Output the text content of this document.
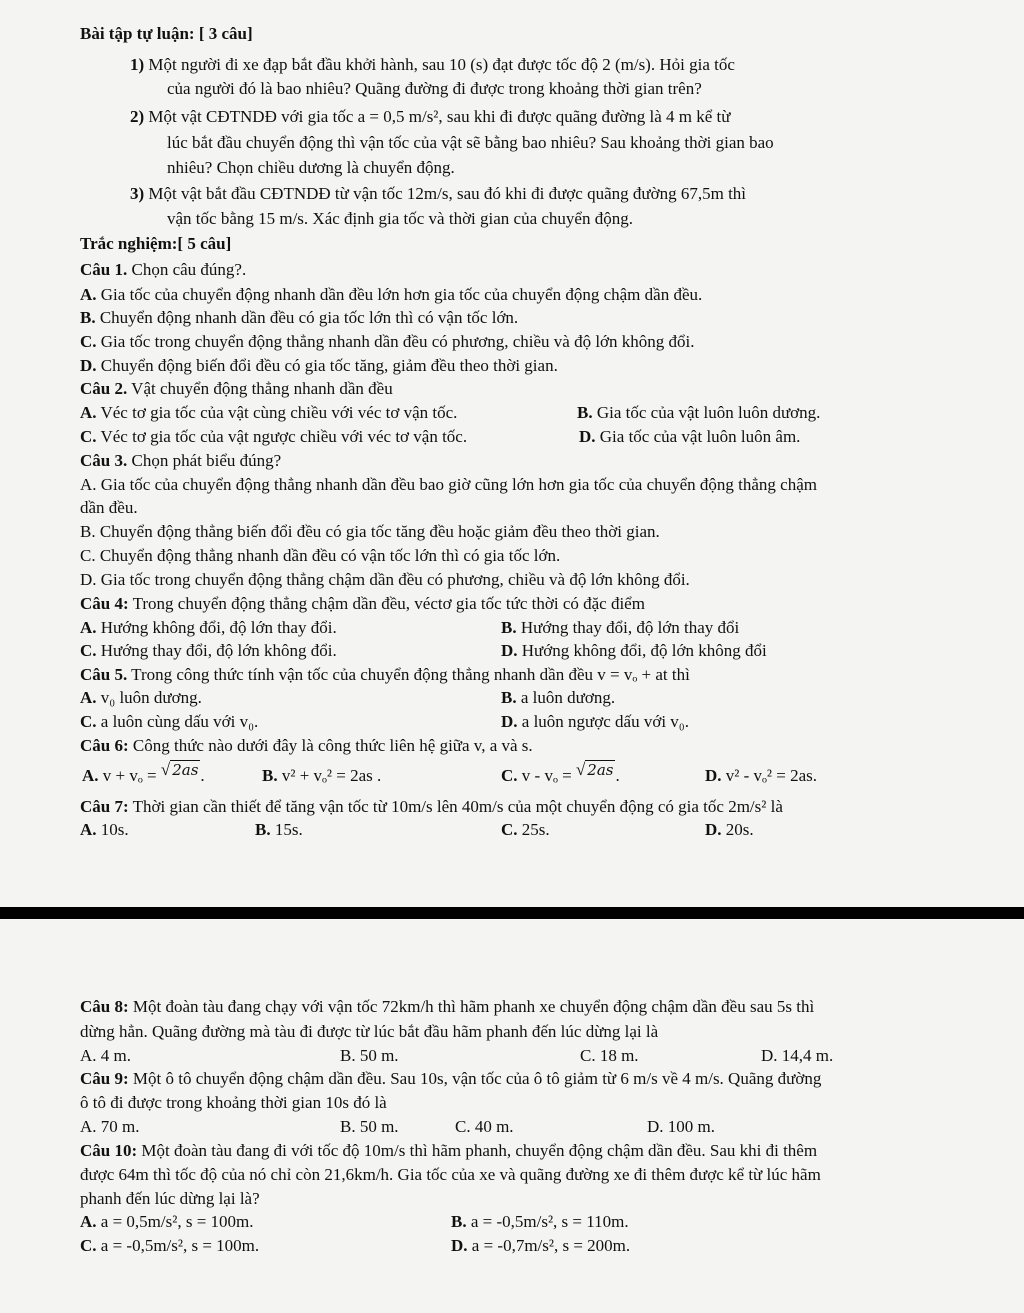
Bài tập tự luận: [ 3 câu]
1) Một người đi xe đạp bắt đầu khởi hành, sau 10 (s) đạt được tốc độ 2 (m/s). Hỏi gia tốc
của người đó là bao nhiêu? Quãng đường đi được trong khoảng thời gian trên?
2) Một vật CĐTNDĐ với gia tốc a = 0,5 m/s², sau khi đi được quãng đường là 4 m kể từ
lúc bắt đầu chuyển động thì vận tốc của vật sẽ bằng bao nhiêu? Sau khoảng thời gian bao
nhiêu? Chọn chiều dương là chuyển động.
3) Một vật bắt đầu CĐTNDĐ từ vận tốc 12m/s, sau đó khi đi được quãng đường 67,5m thì
vận tốc bằng 15 m/s. Xác định gia tốc và thời gian của chuyển động.
Trắc nghiệm:[ 5 câu]
Câu 1. Chọn câu đúng?.
A. Gia tốc của chuyển động nhanh dần đều lớn hơn gia tốc của chuyển động chậm dần đều.
B. Chuyển động nhanh dần đều có gia tốc lớn thì có vận tốc lớn.
C. Gia tốc trong chuyển động thẳng nhanh dần đều có phương, chiều và độ lớn không đổi.
D. Chuyển động biến đổi đều có gia tốc tăng, giảm đều theo thời gian.
Câu 2. Vật chuyển động thẳng nhanh dần đều
A. Véc tơ gia tốc của vật cùng chiều với véc tơ vận tốc.	B. Gia tốc của vật luôn luôn dương.
C. Véc tơ gia tốc của vật ngược chiều với véc tơ vận tốc.	D. Gia tốc của vật luôn luôn âm.
Câu 3. Chọn phát biểu đúng?
A. Gia tốc của chuyển động thẳng nhanh dần đều bao giờ cũng lớn hơn gia tốc của chuyển động thẳng chậm
dần đều.
B. Chuyển động thẳng biến đổi đều có gia tốc tăng đều hoặc giảm đều theo thời gian.
C. Chuyển động thẳng nhanh dần đều có vận tốc lớn thì có gia tốc lớn.
D. Gia tốc trong chuyển động thẳng chậm dần đều có phương, chiều và độ lớn không đổi.
Câu 4: Trong chuyển động thẳng chậm dần đều, véctơ gia tốc tức thời có đặc điểm
A. Hướng không đổi, độ lớn thay đổi.	B. Hướng thay đổi, độ lớn thay đổi
C. Hướng thay đổi, độ lớn không đổi.	D. Hướng không đổi, độ lớn không đổi
Câu 5. Trong công thức tính vận tốc của chuyển động thẳng nhanh dần đều v = vₒ + at thì
A. v₀ luôn dương.	B. a luôn dương.
C. a luôn cùng dấu với v₀.	D. a luôn ngược dấu với v₀.
Câu 6: Công thức nào dưới đây là công thức liên hệ giữa v, a và s.
A. v + vₒ = √ 2as .	B. v² + vₒ² = 2as .	C. v - vₒ = √ 2as .	D. v² - vₒ² = 2as.
Câu 7: Thời gian cần thiết để tăng vận tốc từ 10m/s lên 40m/s của một chuyển động có gia tốc 2m/s² là
A. 10s.	B. 15s.	C. 25s.	D. 20s.
Câu 8: Một đoàn tàu đang chạy với vận tốc 72km/h thì hãm phanh xe chuyển động chậm dần đều sau 5s thì
dừng hẳn. Quãng đường mà tàu đi được từ lúc bắt đầu hãm phanh đến lúc dừng lại là
A. 4 m.	B. 50 m.	C. 18 m.	D. 14,4 m.
Câu 9: Một ô tô chuyển động chậm dần đều. Sau 10s, vận tốc của ô tô giảm từ 6 m/s về 4 m/s. Quãng đường
ô tô đi được trong khoảng thời gian 10s đó là
A. 70 m.	B. 50 m.	C. 40 m.	D. 100 m.
Câu 10: Một đoàn tàu đang đi với tốc độ 10m/s thì hãm phanh, chuyển động chậm dần đều. Sau khi đi thêm
được 64m thì tốc độ của nó chỉ còn 21,6km/h. Gia tốc của xe và quãng đường xe đi thêm được kể từ lúc hãm
phanh đến lúc dừng lại là?
A. a = 0,5m/s², s = 100m.	B. a = -0,5m/s², s = 110m.
C. a = -0,5m/s², s = 100m.	D. a = -0,7m/s², s = 200m.
